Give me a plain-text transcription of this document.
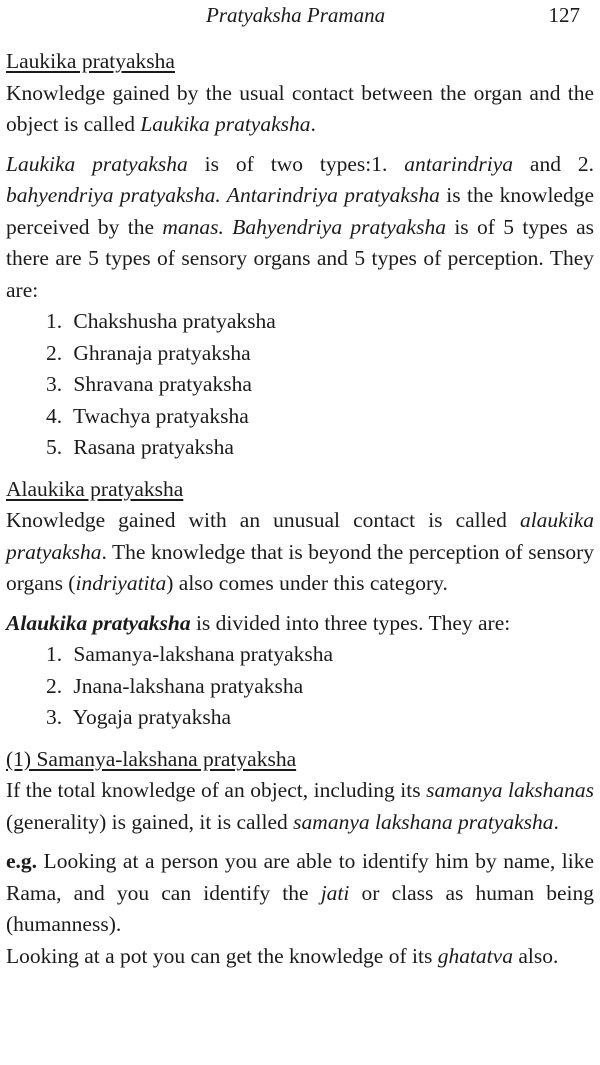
Pratyaksha Pramana	127
Laukika pratyaksha

Knowledge gained by the usual contact between the organ and the object is called Laukika pratyaksha.

Laukika pratyaksha is of two types:1. antarindriya and 2. bahyendriya pratyaksha. Antarindriya pratyaksha is the knowledge perceived by the manas. Bahyendriya pratyaksha is of 5 types as there are 5 types of sensory organs and 5 types of perception. They are:

1. Chakshusha pratyaksha
2. Ghranaja pratyaksha
3. Shravana pratyaksha
4. Twachya pratyaksha
5. Rasana pratyaksha
Alaukika pratyaksha

Knowledge gained with an unusual contact is called alaukika pratyaksha. The knowledge that is beyond the perception of sensory organs (indriyatita) also comes under this category.

Alaukika pratyaksha is divided into three types. They are:

1. Samanya-lakshana pratyaksha
2. Jnana-lakshana pratyaksha
3. Yogaja pratyaksha
(1) Samanya-lakshana pratyaksha

If the total knowledge of an object, including its samanya lakshanas (generality) is gained, it is called samanya lakshana pratyaksha.

e.g. Looking at a person you are able to identify him by name, like Rama, and you can identify the jati or class as human being (humanness).

Looking at a pot you can get the knowledge of its ghatatva also.
